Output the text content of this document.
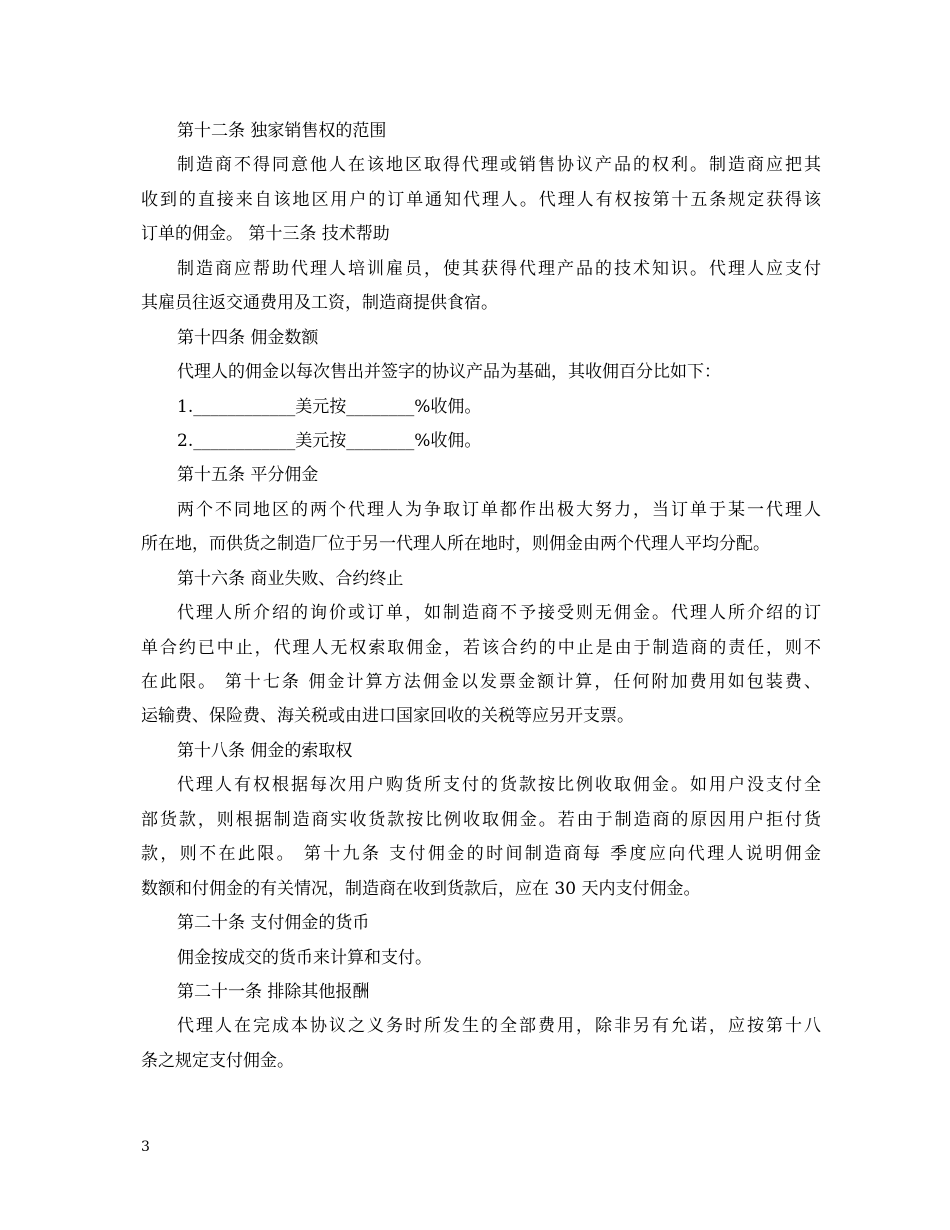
第十二条 独家销售权的范围
制造商不得同意他人在该地区取得代理或销售协议产品的权利。制造商应把其
收到的直接来自该地区用户的订单通知代理人。代理人有权按第十五条规定获得该
订单的佣金。 第十三条 技术帮助
制造商应帮助代理人培训雇员，使其获得代理产品的技术知识。代理人应支付
其雇员往返交通费用及工资，制造商提供食宿。
第十四条 佣金数额
代理人的佣金以每次售出并签字的协议产品为基础，其收佣百分比如下：
1.____________美元按________%收佣。
2.____________美元按________%收佣。
第十五条 平分佣金
两个不同地区的两个代理人为争取订单都作出极大努力，当订单于某一代理人
所在地，而供货之制造厂位于另一代理人所在地时，则佣金由两个代理人平均分配。
第十六条 商业失败、合约终止
代理人所介绍的询价或订单，如制造商不予接受则无佣金。代理人所介绍的订
单合约已中止，代理人无权索取佣金，若该合约的中止是由于制造商的责任，则不
在此限。 第十七条 佣金计算方法佣金以发票金额计算，任何附加费用如包装费、
运输费、保险费、海关税或由进口国家回收的关税等应另开支票。
第十八条 佣金的索取权
代理人有权根据每次用户购货所支付的货款按比例收取佣金。如用户没支付全
部货款，则根据制造商实收货款按比例收取佣金。若由于制造商的原因用户拒付货
款，则不在此限。 第十九条 支付佣金的时间制造商每 季度应向代理人说明佣金
数额和付佣金的有关情况，制造商在收到货款后，应在 30 天内支付佣金。
第二十条 支付佣金的货币
佣金按成交的货币来计算和支付。
第二十一条 排除其他报酬
代理人在完成本协议之义务时所发生的全部费用，除非另有允诺，应按第十八
条之规定支付佣金。
3
